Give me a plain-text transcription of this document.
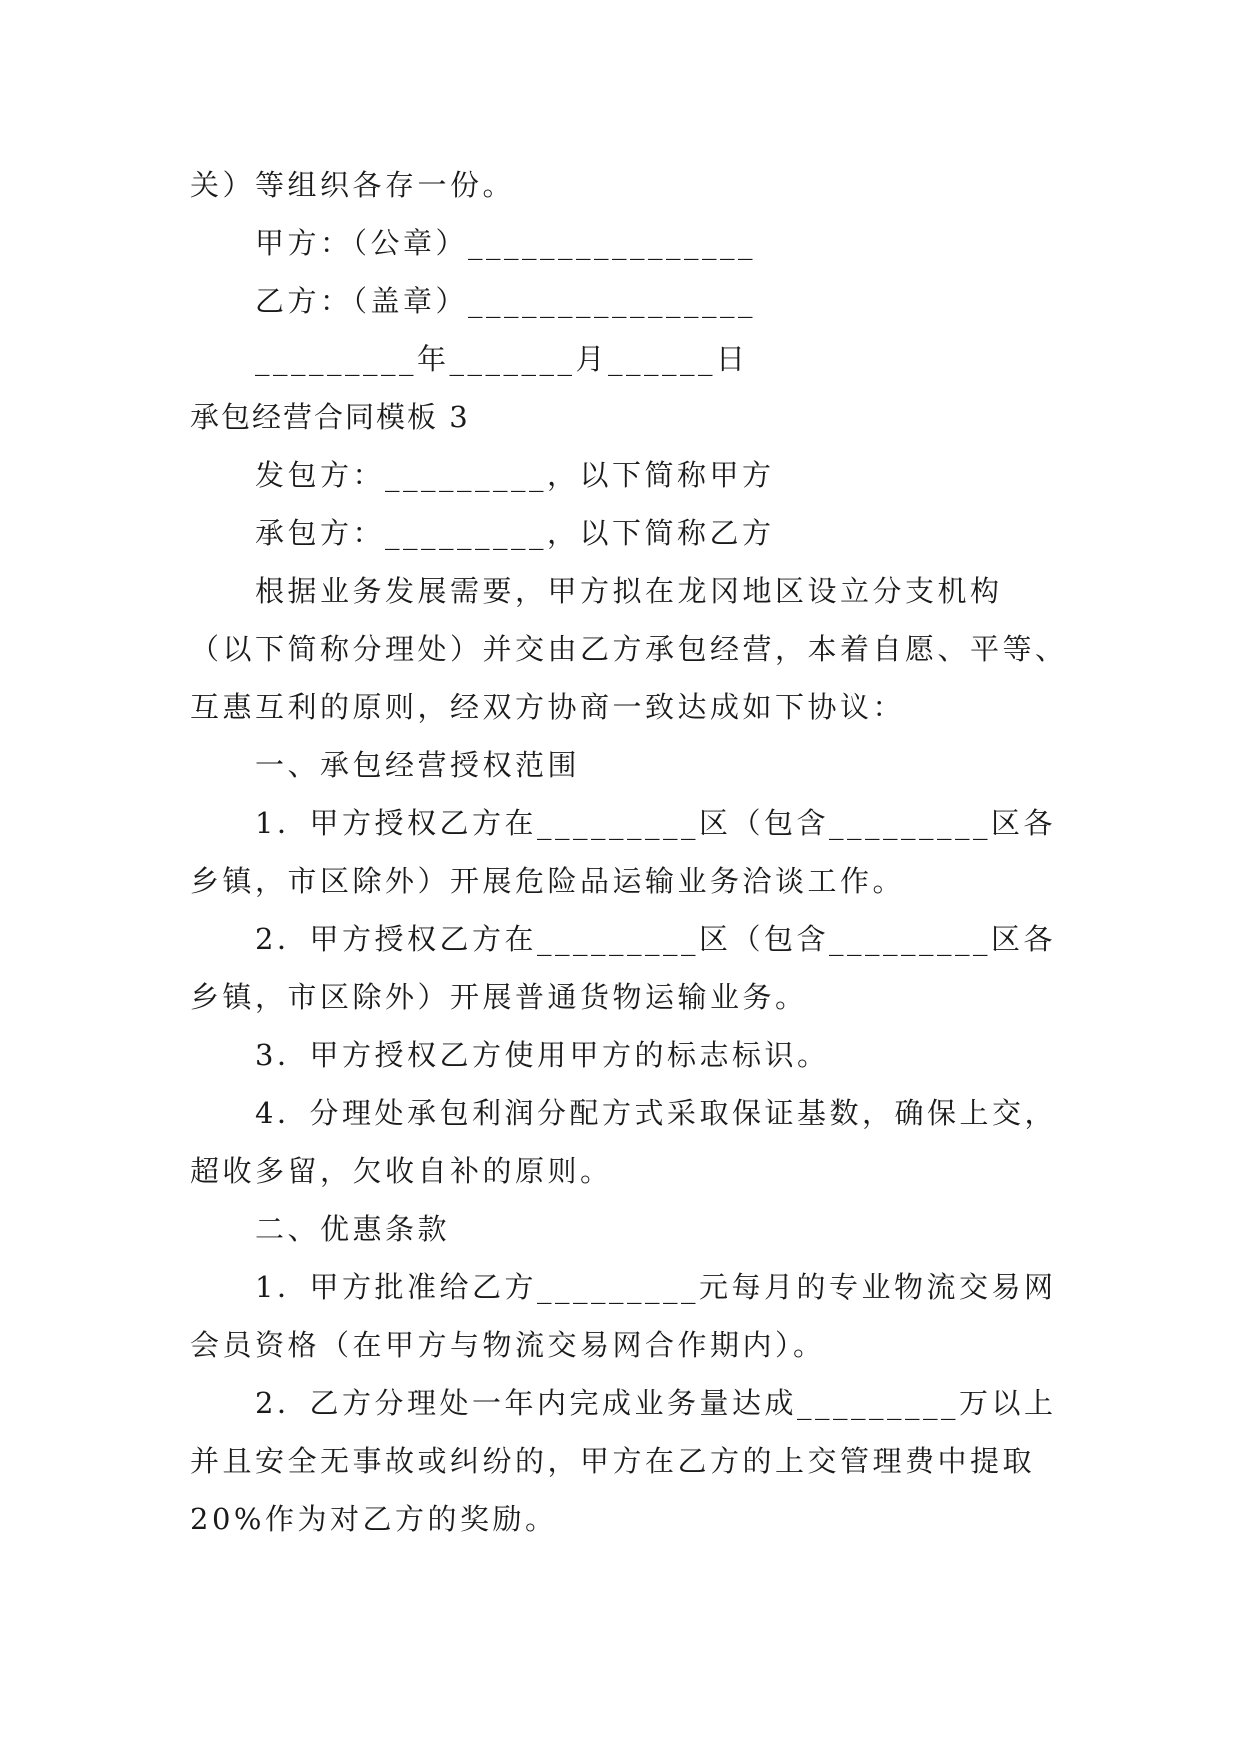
关）等组织各存一份。
甲方：（公章）________________
乙方：（盖章）________________
_________年_______月______日
承包经营合同模板 3
发包方：_________，以下简称甲方
承包方：_________，以下简称乙方
根据业务发展需要，甲方拟在龙冈地区设立分支机构
（以下简称分理处）并交由乙方承包经营，本着自愿、平等、
互惠互利的原则，经双方协商一致达成如下协议：
一、承包经营授权范围
1．甲方授权乙方在_________区（包含_________区各
乡镇，市区除外）开展危险品运输业务洽谈工作。
2．甲方授权乙方在_________区（包含_________区各
乡镇，市区除外）开展普通货物运输业务。
3．甲方授权乙方使用甲方的标志标识。
4．分理处承包利润分配方式采取保证基数，确保上交，
超收多留，欠收自补的原则。
二、优惠条款
1．甲方批准给乙方_________元每月的专业物流交易网
会员资格（在甲方与物流交易网合作期内）。
2．乙方分理处一年内完成业务量达成_________万以上
并且安全无事故或纠纷的，甲方在乙方的上交管理费中提取
20%作为对乙方的奖励。
